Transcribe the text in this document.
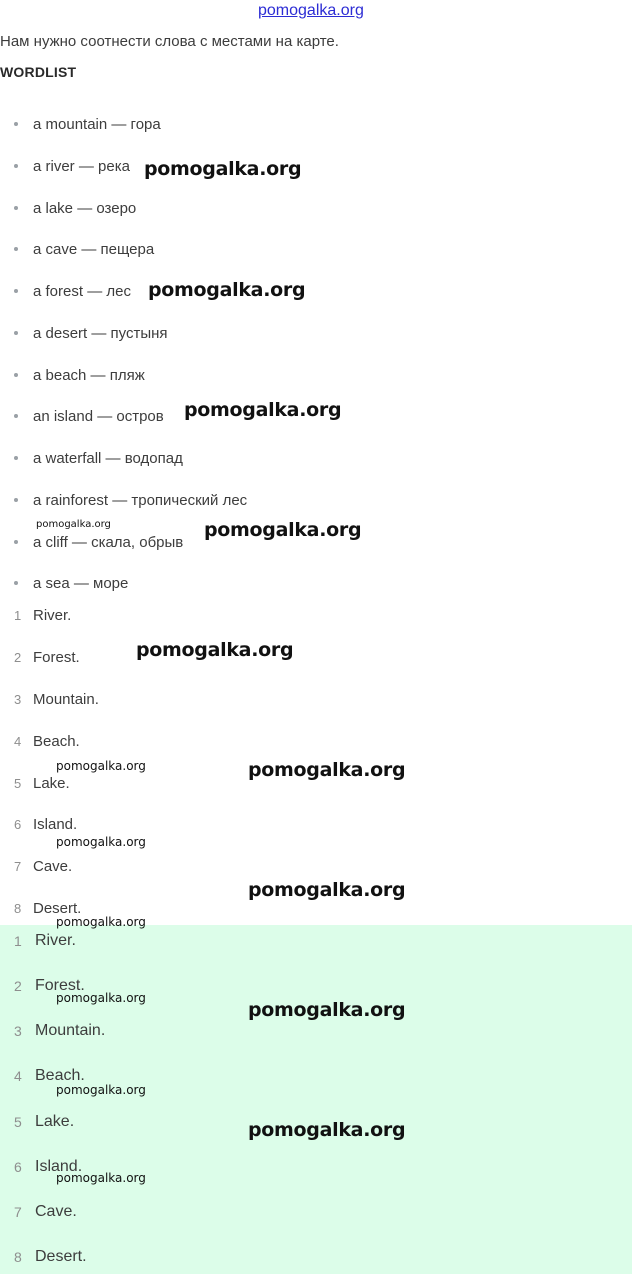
pomogalka.org
Нам нужно соотнести слова с местами на карте.
WORDLIST
a mountain — гора
a river — река
a lake — озеро
a cave — пещера
a forest — лес
a desert — пустыня
a beach — пляж
an island — остров
a waterfall — водопад
a rainforest — тропический лес
a cliff — скала, обрыв
a sea — море
1 River.
2 Forest.
3 Mountain.
4 Beach.
5 Lake.
6 Island.
7 Cave.
8 Desert.
1 River.
2 Forest.
3 Mountain.
4 Beach.
5 Lake.
6 Island.
7 Cave.
8 Desert.
pomogalka.org
pomogalka.org
pomogalka.org
pomogalka.org	pomogalka.org
pomogalka.org
pomogalka.org	pomogalka.org
pomogalka.org
pomogalka.org
pomogalka.org
pomogalka.org
pomogalka.org
pomogalka.org
pomogalka.org
pomogalka.org
